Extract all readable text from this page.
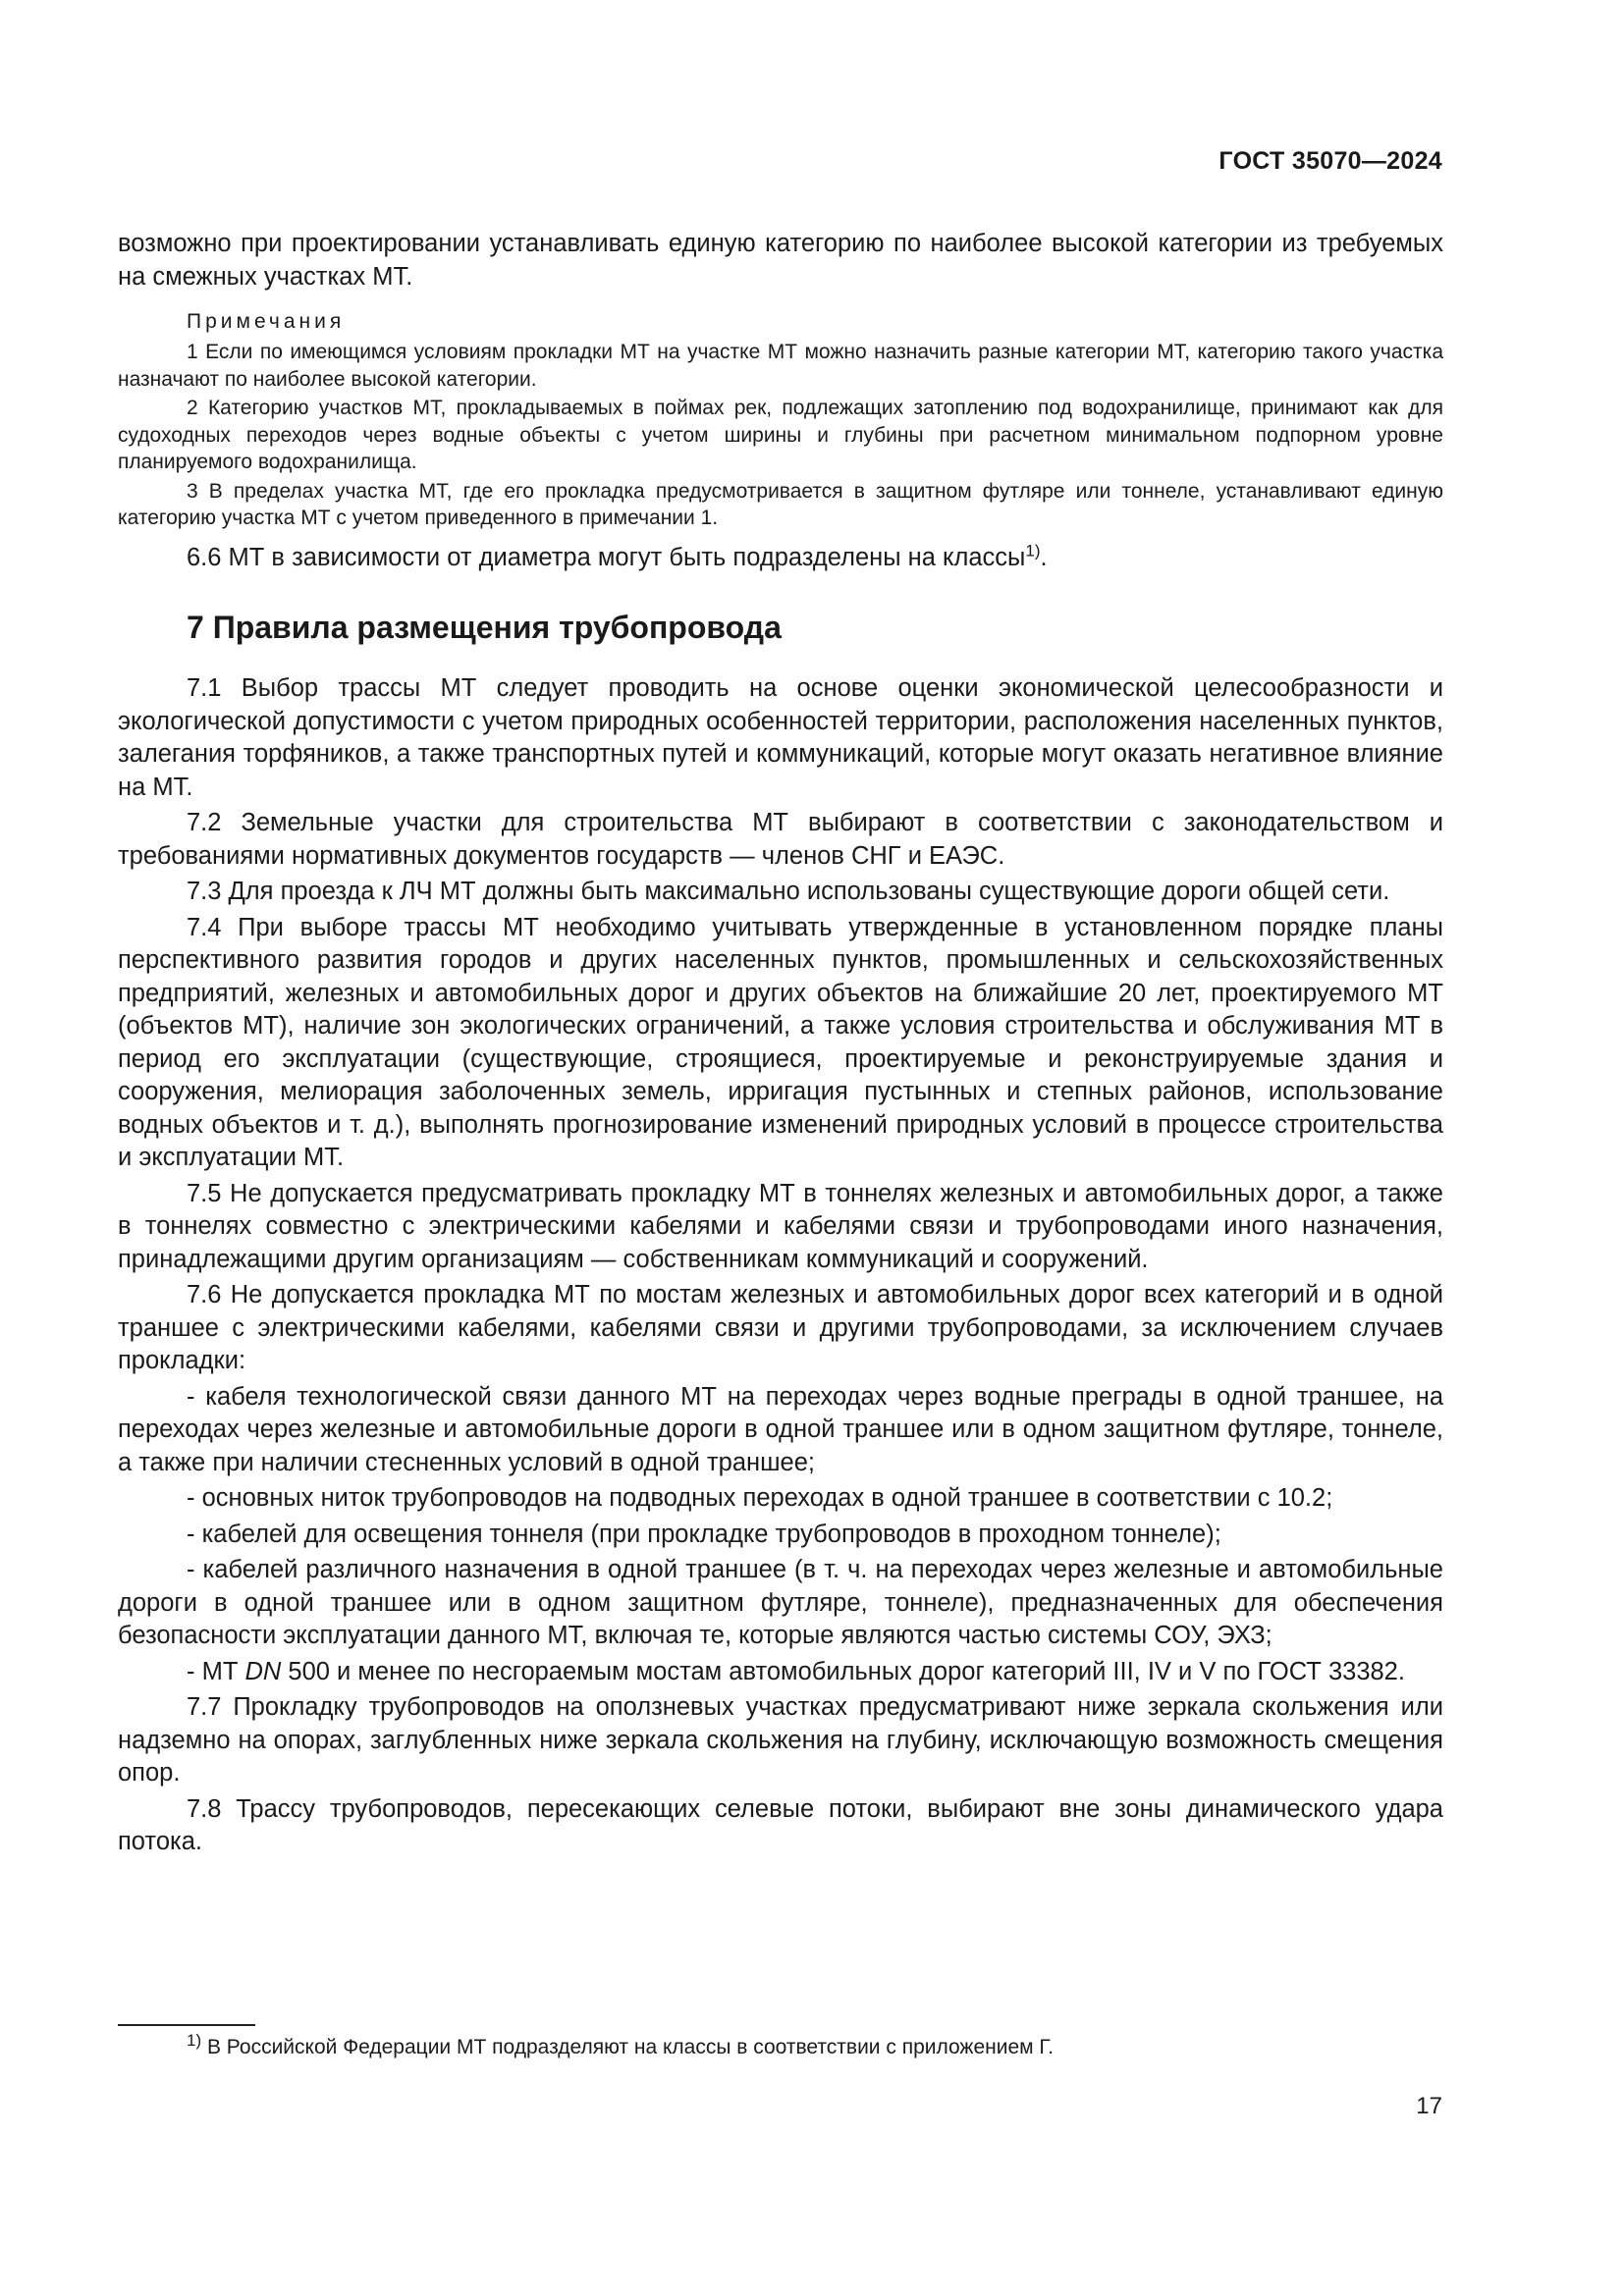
ГОСТ 35070—2024

возможно при проектировании устанавливать единую категорию по наиболее высокой категории из требуемых на смежных участках МТ.

Примечания

1 Если по имеющимся условиям прокладки МТ на участке МТ можно назначить разные категории МТ, категорию такого участка назначают по наиболее высокой категории.

2 Категорию участков МТ, прокладываемых в поймах рек, подлежащих затоплению под водохранилище, принимают как для судоходных переходов через водные объекты с учетом ширины и глубины при расчетном минимальном подпорном уровне планируемого водохранилища.

3 В пределах участка МТ, где его прокладка предусмотривается в защитном футляре или тоннеле, устанавливают единую категорию участка МТ с учетом приведенного в примечании 1.

6.6 МТ в зависимости от диаметра могут быть подразделены на классы$^{1)}$.

7 Правила размещения трубопровода

7.1 Выбор трассы МТ следует проводить на основе оценки экономической целесообразности и экологической допустимости с учетом природных особенностей территории, расположения населенных пунктов, залегания торфяников, а также транспортных путей и коммуникаций, которые могут оказать негативное влияние на МТ.

7.2 Земельные участки для строительства МТ выбирают в соответствии с законодательством и требованиями нормативных документов государств — членов СНГ и ЕАЭС.

7.3 Для проезда к ЛЧ МТ должны быть максимально использованы существующие дороги общей сети.

7.4 При выборе трассы МТ необходимо учитывать утвержденные в установленном порядке планы перспективного развития городов и других населенных пунктов, промышленных и сельскохозяйственных предприятий, железных и автомобильных дорог и других объектов на ближайшие 20 лет, проектируемого МТ (объектов МТ), наличие зон экологических ограничений, а также условия строительства и обслуживания МТ в период его эксплуатации (существующие, строящиеся, проектируемые и реконструируемые здания и сооружения, мелиорация заболоченных земель, ирригация пустынных и степных районов, использование водных объектов и т. д.), выполнять прогнозирование изменений природных условий в процессе строительства и эксплуатации МТ.

7.5 Не допускается предусматривать прокладку МТ в тоннелях железных и автомобильных дорог, а также в тоннелях совместно с электрическими кабелями и кабелями связи и трубопроводами иного назначения, принадлежащими другим организациям — собственникам коммуникаций и сооружений.

7.6 Не допускается прокладка МТ по мостам железных и автомобильных дорог всех категорий и в одной траншее с электрическими кабелями, кабелями связи и другими трубопроводами, за исключением случаев прокладки:

- кабеля технологической связи данного МТ на переходах через водные преграды в одной траншее, на переходах через железные и автомобильные дороги в одной траншее или в одном защитном футляре, тоннеле, а также при наличии стесненных условий в одной траншее;

- основных ниток трубопроводов на подводных переходах в одной траншее в соответствии с 10.2;

- кабелей для освещения тоннеля (при прокладке трубопроводов в проходном тоннеле);

- кабелей различного назначения в одной траншее (в т. ч. на переходах через железные и автомобильные дороги в одной траншее или в одном защитном футляре, тоннеле), предназначенных для обеспечения безопасности эксплуатации данного МТ, включая те, которые являются частью системы СОУ, ЭХЗ;

- МТ DN 500 и менее по несгораемым мостам автомобильных дорог категорий III, IV и V по ГОСТ 33382.

7.7 Прокладку трубопроводов на оползневых участках предусматривают ниже зеркала скольжения или надземно на опорах, заглубленных ниже зеркала скольжения на глубину, исключающую возможность смещения опор.

7.8 Трассу трубопроводов, пересекающих селевые потоки, выбирают вне зоны динамического удара потока.

$^{1)}$ В Российской Федерации МТ подразделяют на классы в соответствии с приложением Г.
17
